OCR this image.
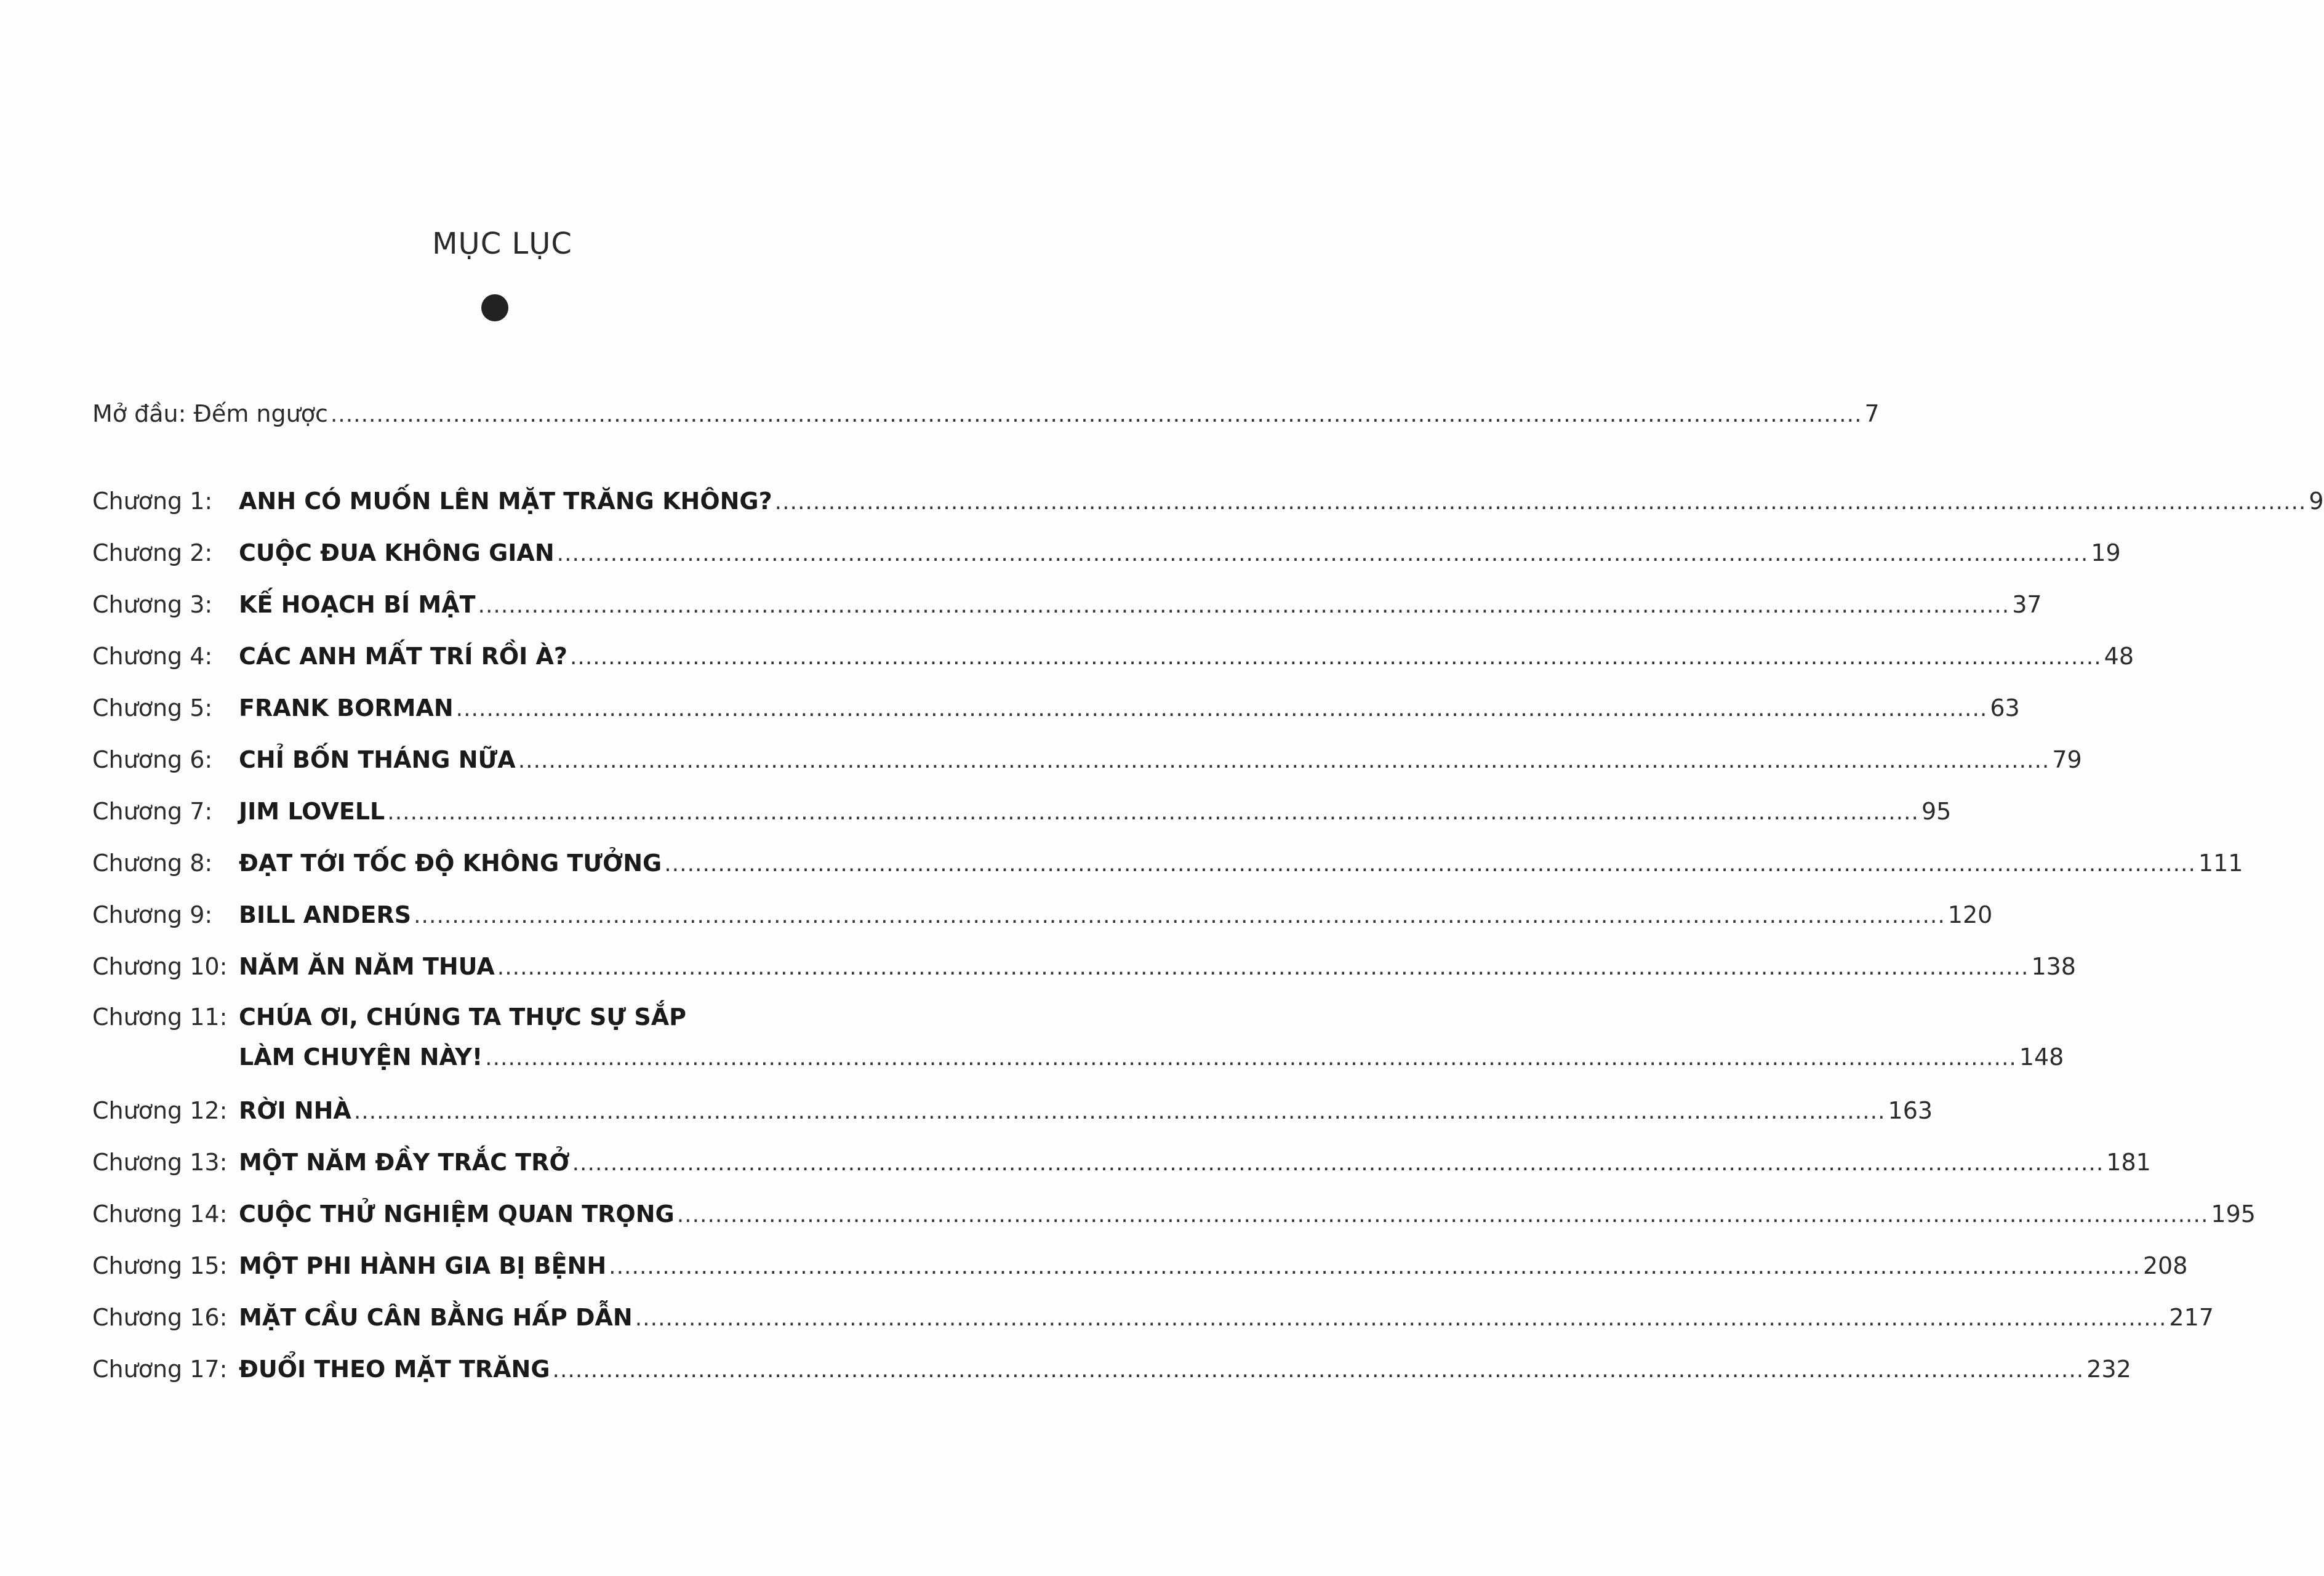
MỤC LỤC
Mở đầu: Đếm ngược ........................................................................................................................................................................................................ 7
Chương 1:	ANH CÓ MUỐN LÊN MẶT TRĂNG KHÔNG? ........................................................................................................................................................................................................ 9
Chương 2:	CUỘC ĐUA KHÔNG GIAN ........................................................................................................................................................................................................ 19
Chương 3:	KẾ HOẠCH BÍ MẬT ........................................................................................................................................................................................................ 37
Chương 4:	CÁC ANH MẤT TRÍ RỒI À? ........................................................................................................................................................................................................ 48
Chương 5:	FRANK BORMAN ........................................................................................................................................................................................................ 63
Chương 6:	CHỈ BỐN THÁNG NỮA ........................................................................................................................................................................................................ 79
Chương 7:	JIM LOVELL ........................................................................................................................................................................................................ 95
Chương 8:	ĐẠT TỚI TỐC ĐỘ KHÔNG TƯỞNG ........................................................................................................................................................................................................ 111
Chương 9:	BILL ANDERS ........................................................................................................................................................................................................ 120
Chương 10: NĂM ĂN NĂM THUA ........................................................................................................................................................................................................ 138
Chương 11: CHÚA ƠI, CHÚNG TA THỰC SỰ SẮP
LÀM CHUYỆN NÀY! ........................................................................................................................................................................................................ 148
Chương 12: RỜI NHÀ ........................................................................................................................................................................................................ 163
Chương 13: MỘT NĂM ĐẦY TRẮC TRỞ ........................................................................................................................................................................................................ 181
Chương 14: CUỘC THỬ NGHIỆM QUAN TRỌNG ........................................................................................................................................................................................................ 195
Chương 15: MỘT PHI HÀNH GIA BỊ BỆNH ........................................................................................................................................................................................................ 208
Chương 16: MẶT CẦU CÂN BẰNG HẤP DẪN ........................................................................................................................................................................................................ 217
Chương 17: ĐUỔI THEO MẶT TRĂNG ........................................................................................................................................................................................................ 232
